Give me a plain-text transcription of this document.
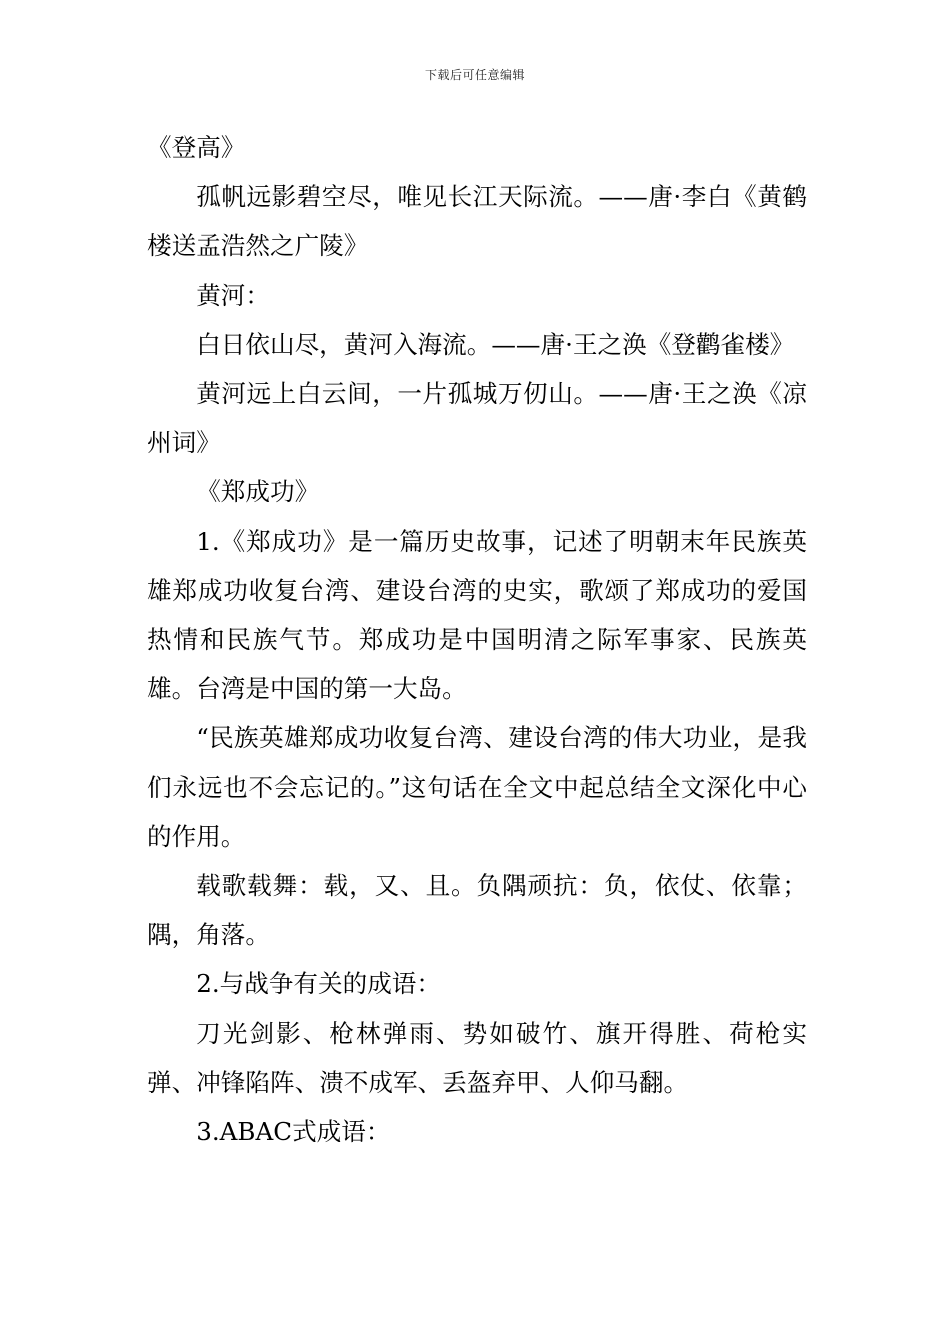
下载后可任意编辑

《登高》

孤帆远影碧空尽，唯见长江天际流。——唐·李白《黄鹤楼送孟浩然之广陵》

黄河：

白日依山尽，黄河入海流。——唐·王之涣《登鹳雀楼》

黄河远上白云间，一片孤城万仞山。——唐·王之涣《凉州词》

《郑成功》

1.《郑成功》是一篇历史故事，记述了明朝末年民族英雄郑成功收复台湾、建设台湾的史实，歌颂了郑成功的爱国热情和民族气节。郑成功是中国明清之际军事家、民族英雄。台湾是中国的第一大岛。

“民族英雄郑成功收复台湾、建设台湾的伟大功业，是我们永远也不会忘记的。”这句话在全文中起总结全文深化中心的作用。

载歌载舞：载，又、且。负隅顽抗：负，依仗、依靠；隅，角落。

2.与战争有关的成语：

刀光剑影、枪林弹雨、势如破竹、旗开得胜、荷枪实弹、冲锋陷阵、溃不成军、丢盔弃甲、人仰马翻。

3.ABAC式成语：
